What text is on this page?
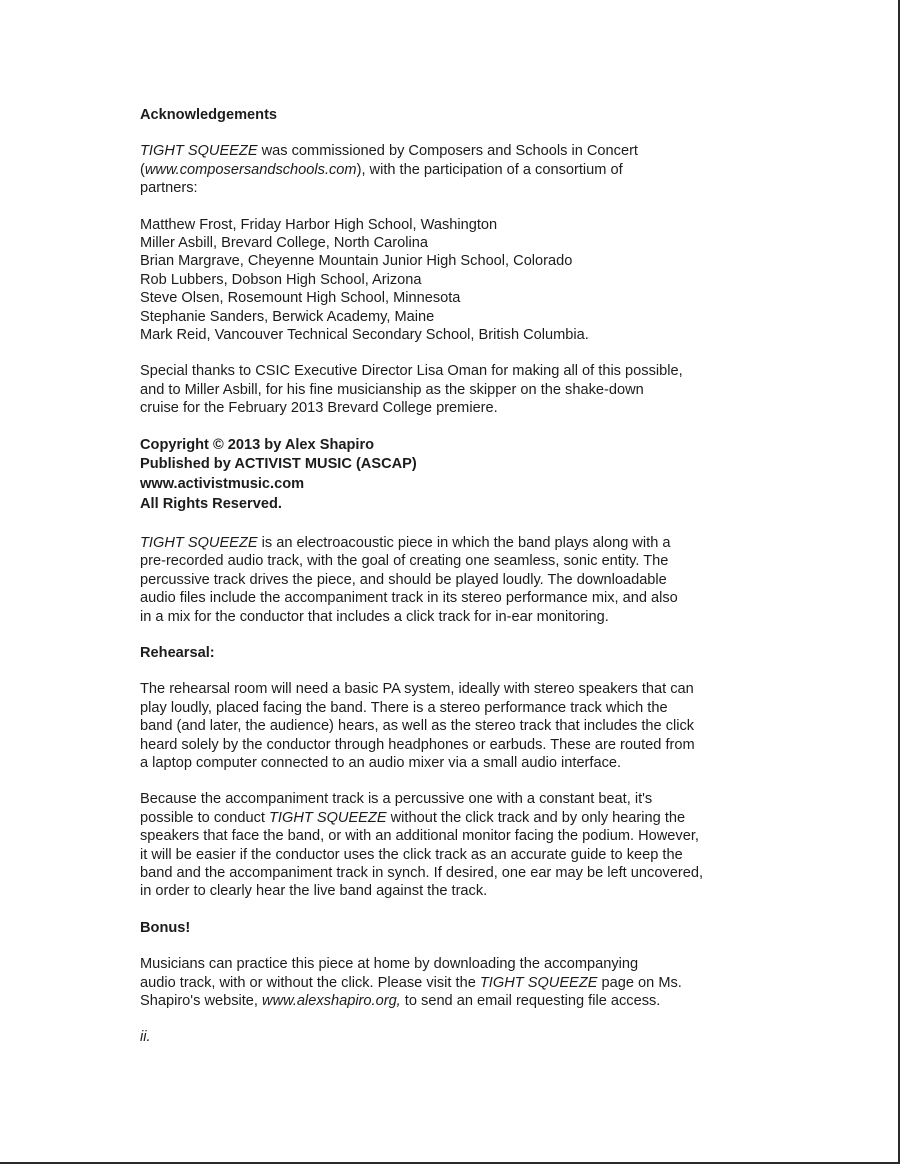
Acknowledgements

TIGHT SQUEEZE was commissioned by Composers and Schools in Concert
(www.composersandschools.com), with the participation of a consortium of
partners:

Matthew Frost, Friday Harbor High School, Washington
Miller Asbill, Brevard College, North Carolina
Brian Margrave, Cheyenne Mountain Junior High School, Colorado
Rob Lubbers, Dobson High School, Arizona
Steve Olsen, Rosemount High School, Minnesota
Stephanie Sanders, Berwick Academy, Maine
Mark Reid, Vancouver Technical Secondary School, British Columbia.

Special thanks to CSIC Executive Director Lisa Oman for making all of this possible,
and to Miller Asbill, for his fine musicianship as the skipper on the shake-down
cruise for the February 2013 Brevard College premiere.

Copyright © 2013 by Alex Shapiro
Published by ACTIVIST MUSIC (ASCAP)
www.activistmusic.com
All Rights Reserved.

TIGHT SQUEEZE is an electroacoustic piece in which the band plays along with a
pre-recorded audio track, with the goal of creating one seamless, sonic entity. The
percussive track drives the piece, and should be played loudly. The downloadable
audio files include the accompaniment track in its stereo performance mix, and also
in a mix for the conductor that includes a click track for in-ear monitoring.

Rehearsal:

The rehearsal room will need a basic PA system, ideally with stereo speakers that can
play loudly, placed facing the band. There is a stereo performance track which the
band (and later, the audience) hears, as well as the stereo track that includes the click
heard solely by the conductor through headphones or earbuds. These are routed from
a laptop computer connected to an audio mixer via a small audio interface.

Because the accompaniment track is a percussive one with a constant beat, it's
possible to conduct TIGHT SQUEEZE without the click track and by only hearing the
speakers that face the band, or with an additional monitor facing the podium. However,
it will be easier if the conductor uses the click track as an accurate guide to keep the
band and the accompaniment track in synch. If desired, one ear may be left uncovered,
in order to clearly hear the live band against the track.

Bonus!

Musicians can practice this piece at home by downloading the accompanying
audio track, with or without the click. Please visit the TIGHT SQUEEZE page on Ms.
Shapiro's website, www.alexshapiro.org, to send an email requesting file access.

ii.
